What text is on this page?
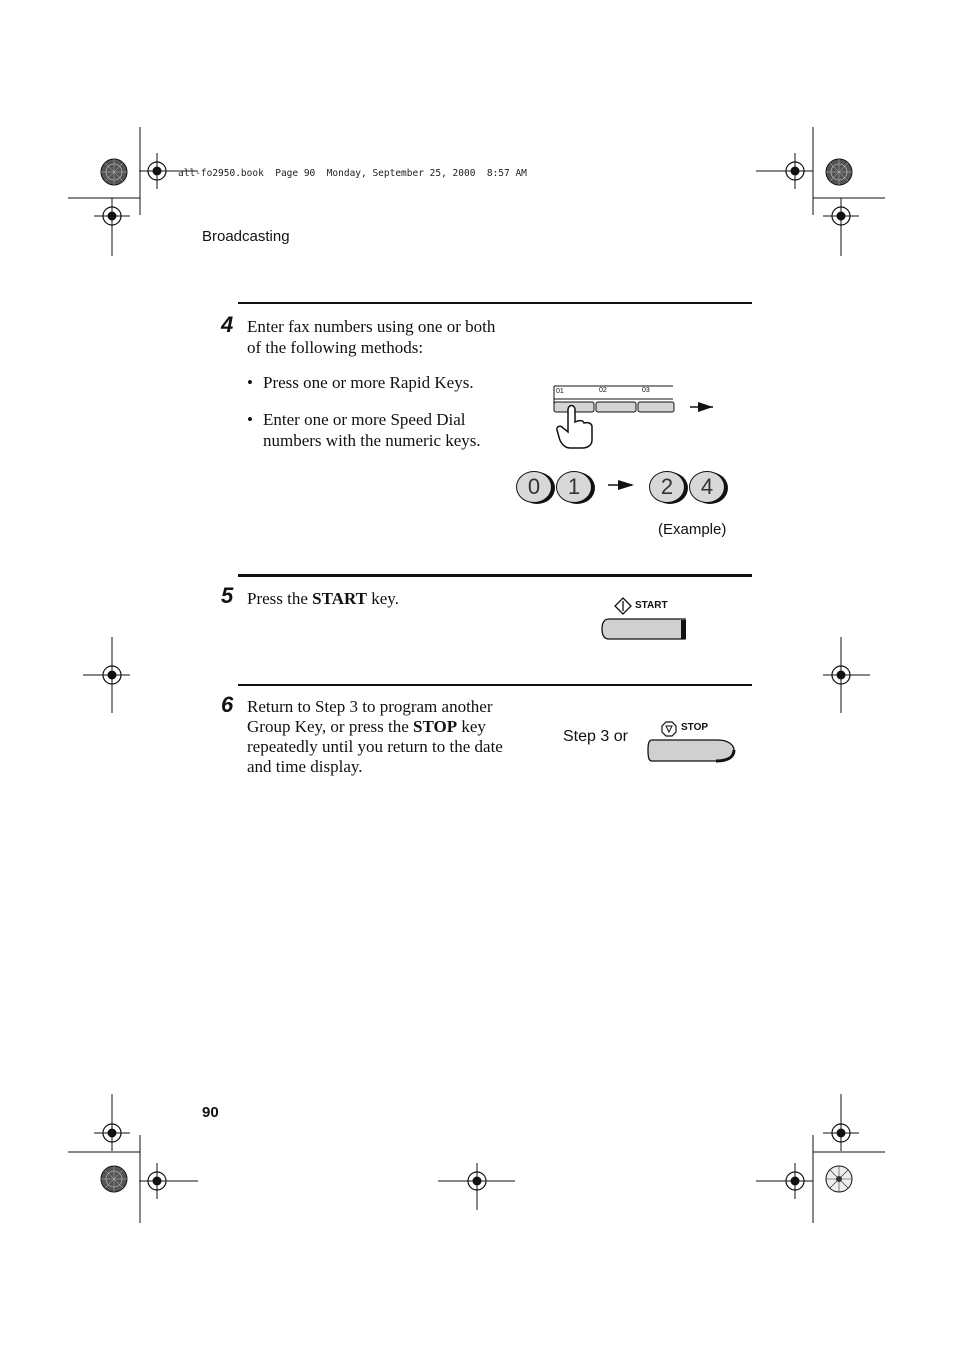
all-fo2950.book  Page 90  Monday, September 25, 2000  8:57 AM
Broadcasting
4 Enter fax numbers using one or both
of the following methods:
• Press one or more Rapid Keys.
• Enter one or more Speed Dial
numbers with the numeric keys.
01	02	03
0	1	2	4
(Example)
5 Press the START key.	START
6 Return to Step 3 to program another
Group Key, or press the STOP key
repeatedly until you return to the date
and time display.
Step 3 or
STOP
90
